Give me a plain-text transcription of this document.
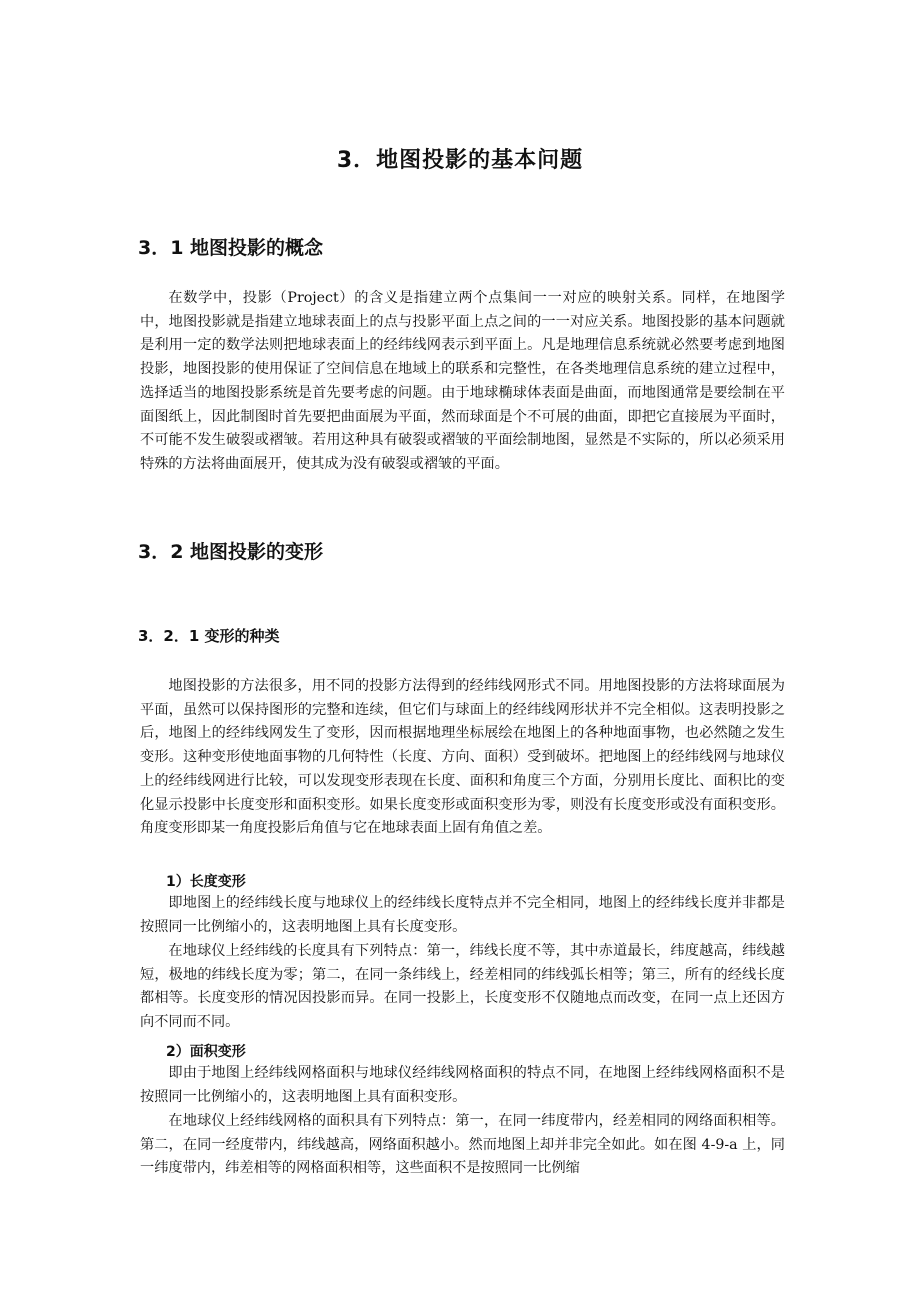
3．地图投影的基本问题
3．1 地图投影的概念

在数学中，投影（Project）的含义是指建立两个点集间一一对应的映射关系。同样，在地图学中，地图投影就是指建立地球表面上的点与投影平面上点之间的一一对应关系。地图投影的基本问题就是利用一定的数学法则把地球表面上的经纬线网表示到平面上。凡是地理信息系统就必然要考虑到地图投影，地图投影的使用保证了空间信息在地域上的联系和完整性，在各类地理信息系统的建立过程中，选择适当的地图投影系统是首先要考虑的问题。由于地球椭球体表面是曲面，而地图通常是要绘制在平面图纸上，因此制图时首先要把曲面展为平面，然而球面是个不可展的曲面，即把它直接展为平面时，不可能不发生破裂或褶皱。若用这种具有破裂或褶皱的平面绘制地图，显然是不实际的，所以必须采用特殊的方法将曲面展开，使其成为没有破裂或褶皱的平面。

3．2 地图投影的变形
3．2．1 变形的种类

地图投影的方法很多，用不同的投影方法得到的经纬线网形式不同。用地图投影的方法将球面展为平面，虽然可以保持图形的完整和连续，但它们与球面上的经纬线网形状并不完全相似。这表明投影之后，地图上的经纬线网发生了变形，因而根据地理坐标展绘在地图上的各种地面事物，也必然随之发生变形。这种变形使地面事物的几何特性（长度、方向、面积）受到破坏。把地图上的经纬线网与地球仪上的经纬线网进行比较，可以发现变形表现在长度、面积和角度三个方面，分别用长度比、面积比的变化显示投影中长度变形和面积变形。如果长度变形或面积变形为零，则没有长度变形或没有面积变形。角度变形即某一角度投影后角值与它在地球表面上固有角值之差。

1）长度变形

即地图上的经纬线长度与地球仪上的经纬线长度特点并不完全相同，地图上的经纬线长度并非都是按照同一比例缩小的，这表明地图上具有长度变形。

在地球仪上经纬线的长度具有下列特点：第一，纬线长度不等，其中赤道最长，纬度越高，纬线越短，极地的纬线长度为零；第二，在同一条纬线上，经差相同的纬线弧长相等；第三，所有的经线长度都相等。长度变形的情况因投影而异。在同一投影上，长度变形不仅随地点而改变，在同一点上还因方向不同而不同。

2）面积变形

即由于地图上经纬线网格面积与地球仪经纬线网格面积的特点不同，在地图上经纬线网格面积不是按照同一比例缩小的，这表明地图上具有面积变形。

在地球仪上经纬线网格的面积具有下列特点：第一，在同一纬度带内，经差相同的网络面积相等。第二，在同一经度带内，纬线越高，网络面积越小。然而地图上却并非完全如此。如在图 4-9-a 上，同一纬度带内，纬差相等的网格面积相等，这些面积不是按照同一比例缩
